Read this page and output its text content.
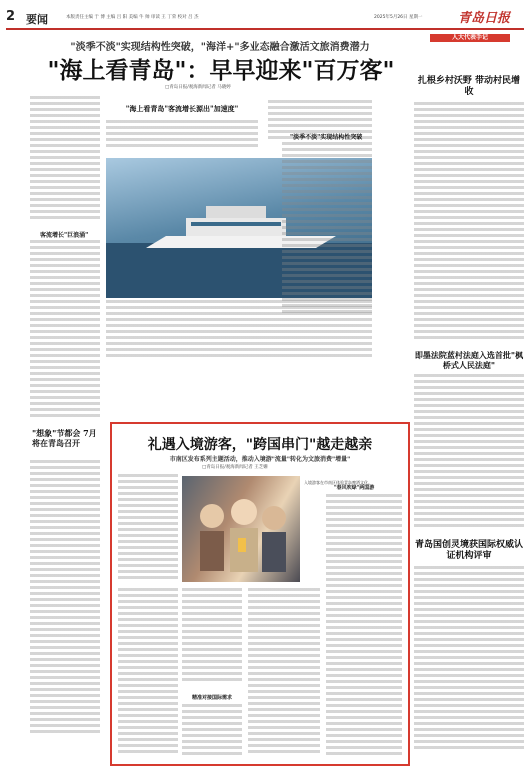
2 要闻	本版责任主编 于 博 主编 吕 阳 美编 牛 帅 审读 王 丁荣 校对 吕 杰	2025年5月26日 星期一	青岛日报
"淡季不淡"实现结构性突破，"海洋+"多业态融合激活文旅消费潜力
"海上看青岛"：早早迎来"百万客"
□青岛日报/观海新闻记者 马晓婷
客流增长"巨浪涌"
"想象"节都会 7月将在青岛召开
"海上看青岛"客流增长源出"加速度"
"淡季不淡"实现结构性突破
人大代表手记
扎根乡村沃野 带动村民增收
即墨法院蓝村法庭入选首批"枫桥式人民法庭"
青岛国创灵境获国际权威认证机构评审
礼遇入境游客，"跨国串门"越走越亲
市南区发布系列主题活动，推动入境游"流量"转化为文旅消费"增量"
□青岛日报/观海新闻记者 王芝姗
入境游客在市南区体验青岛啤酒文化。
精准对接国际需求
"春风吹绿"两国游
